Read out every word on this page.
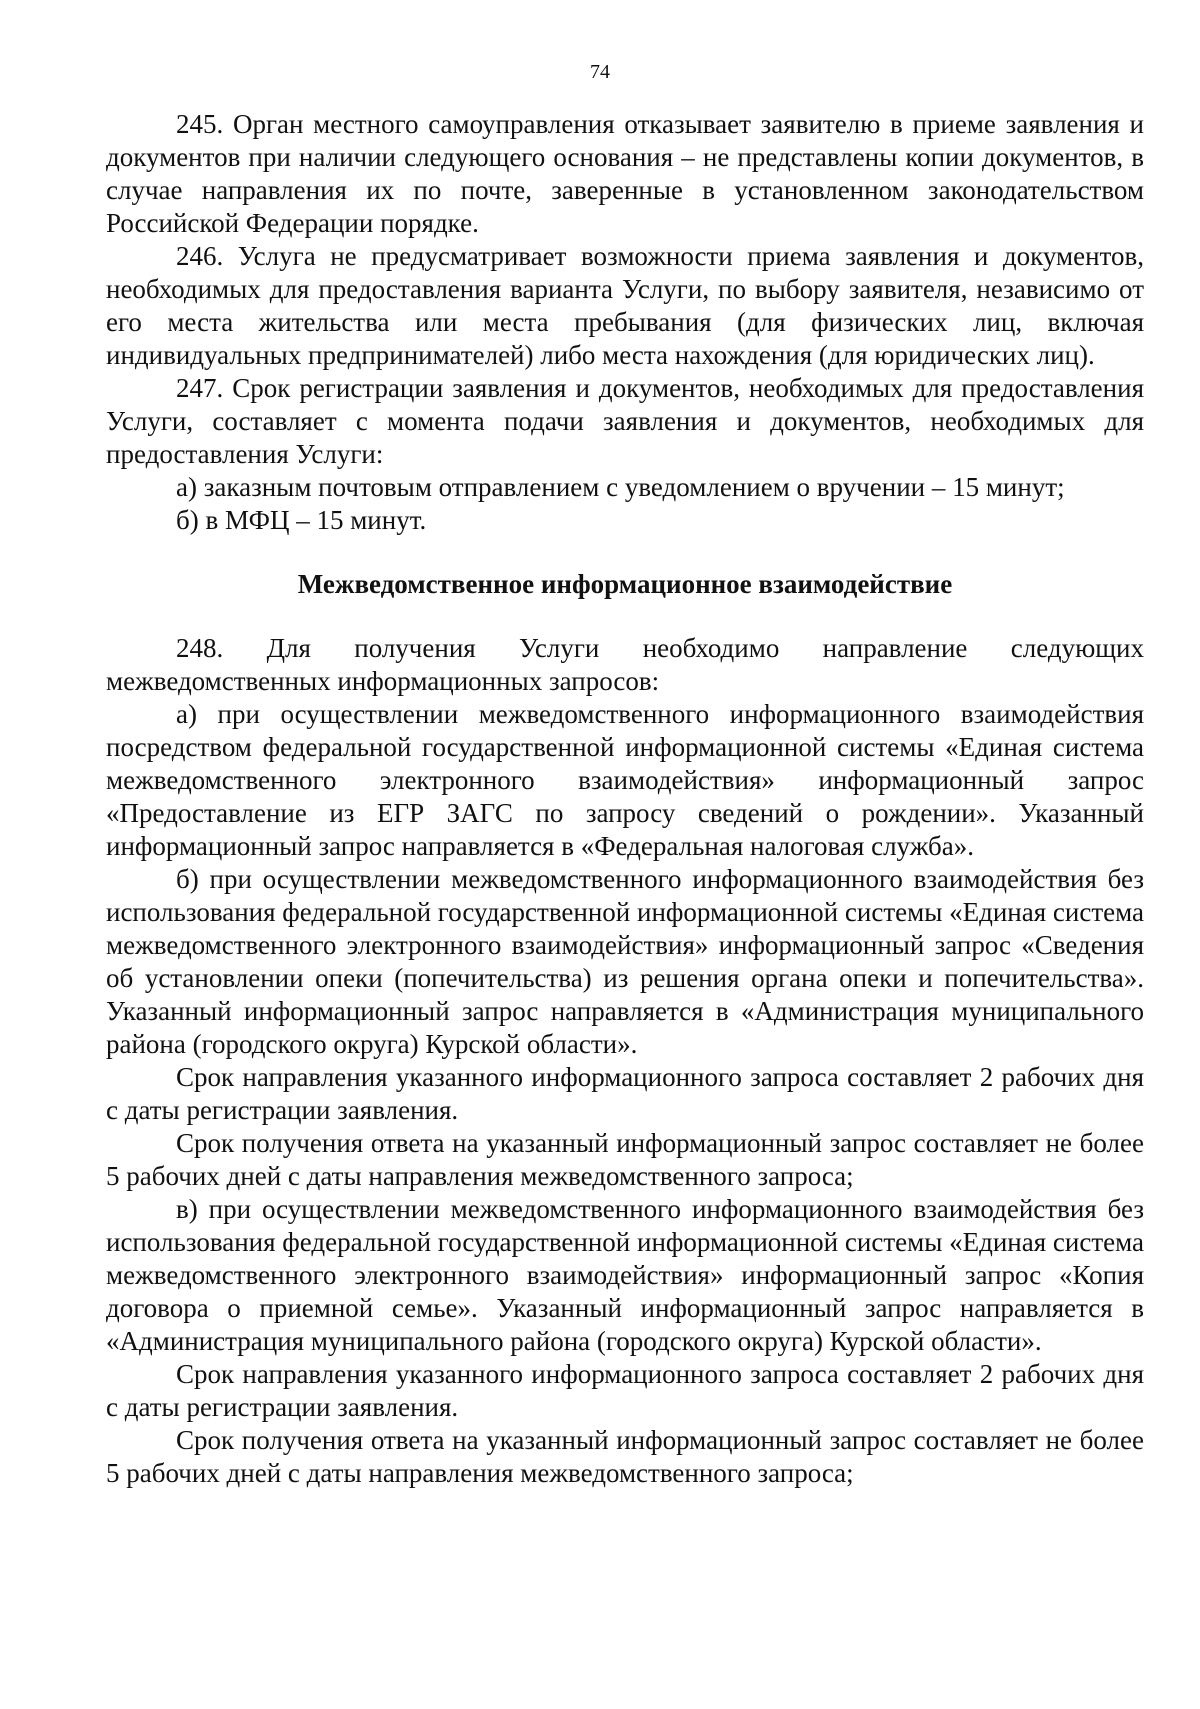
74

245. Орган местного самоуправления отказывает заявителю в приеме заявления и документов при наличии следующего основания – не представлены копии документов, в случае направления их по почте, заверенные в установленном законодательством Российской Федерации порядке.

246. Услуга не предусматривает возможности приема заявления и документов, необходимых для предоставления варианта Услуги, по выбору заявителя, независимо от его места жительства или места пребывания (для физических лиц, включая индивидуальных предпринимателей) либо места нахождения (для юридических лиц).

247. Срок регистрации заявления и документов, необходимых для предоставления Услуги, составляет с момента подачи заявления и документов, необходимых для предоставления Услуги:

а) заказным почтовым отправлением с уведомлением о вручении – 15 минут;

б) в МФЦ – 15 минут.

Межведомственное информационное взаимодействие

248. Для получения Услуги необходимо направление следующих межведомственных информационных запросов:

а) при осуществлении межведомственного информационного взаимодействия посредством федеральной государственной информационной системы «Единая система межведомственного электронного взаимодействия» информационный запрос «Предоставление из ЕГР ЗАГС по запросу сведений о рождении». Указанный информационный запрос направляется в «Федеральная налоговая служба».

б) при осуществлении межведомственного информационного взаимодействия без использования федеральной государственной информационной системы «Единая система межведомственного электронного взаимодействия» информационный запрос «Сведения об установлении опеки (попечительства) из решения органа опеки и попечительства». Указанный информационный запрос направляется в «Администрация муниципального района (городского округа) Курской области».

Срок направления указанного информационного запроса составляет 2 рабочих дня с даты регистрации заявления.

Срок получения ответа на указанный информационный запрос составляет не более 5 рабочих дней с даты направления межведомственного запроса;

в) при осуществлении межведомственного информационного взаимодействия без использования федеральной государственной информационной системы «Единая система межведомственного электронного взаимодействия» информационный запрос «Копия договора о приемной семье». Указанный информационный запрос направляется в «Администрация муниципального района (городского округа) Курской области».

Срок направления указанного информационного запроса составляет 2 рабочих дня с даты регистрации заявления.

Срок получения ответа на указанный информационный запрос составляет не более 5 рабочих дней с даты направления межведомственного запроса;
